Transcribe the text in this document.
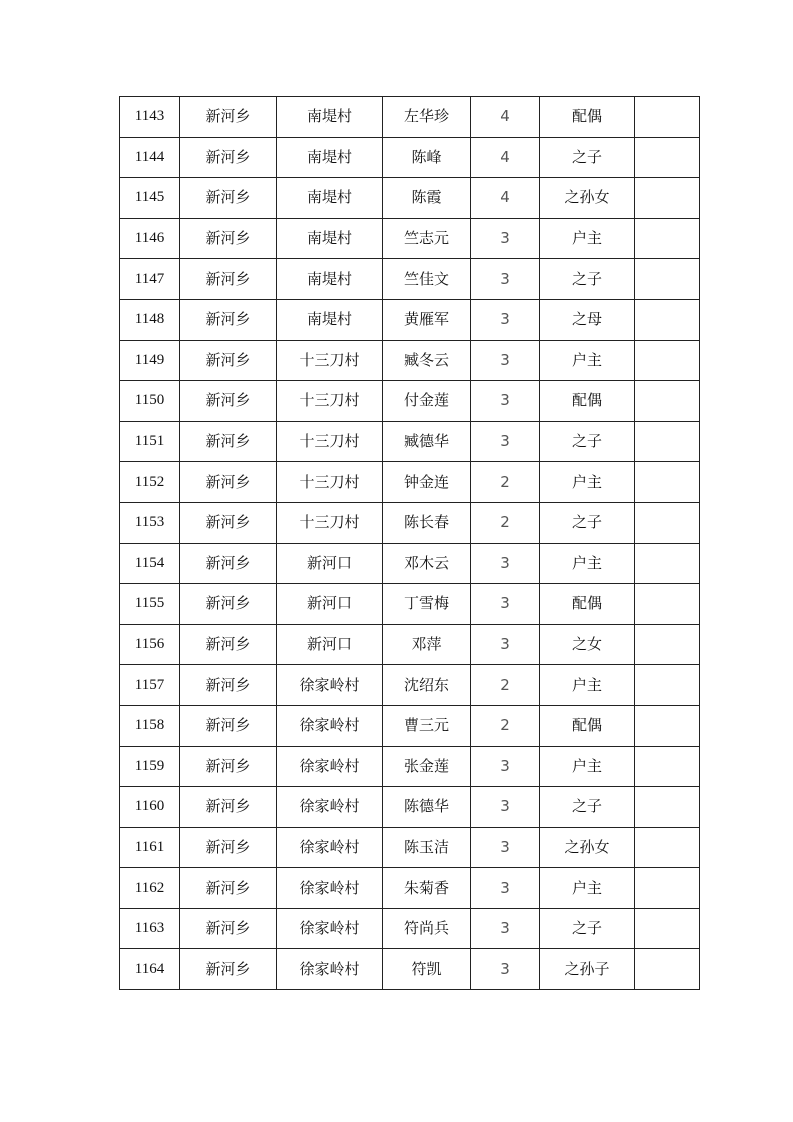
1143	新河乡	南堤村	左华珍	4	配偶	
1144	新河乡	南堤村	陈峰	4	之子	
1145	新河乡	南堤村	陈霞	4	之孙女	
1146	新河乡	南堤村	竺志元	3	户主	
1147	新河乡	南堤村	竺佳文	3	之子	
1148	新河乡	南堤村	黄雁军	3	之母	
1149	新河乡	十三刀村	臧冬云	3	户主	
1150	新河乡	十三刀村	付金莲	3	配偶	
1151	新河乡	十三刀村	臧德华	3	之子	
1152	新河乡	十三刀村	钟金连	2	户主	
1153	新河乡	十三刀村	陈长春	2	之子	
1154	新河乡	新河口	邓木云	3	户主	
1155	新河乡	新河口	丁雪梅	3	配偶	
1156	新河乡	新河口	邓萍	3	之女	
1157	新河乡	徐家岭村	沈绍东	2	户主	
1158	新河乡	徐家岭村	曹三元	2	配偶	
1159	新河乡	徐家岭村	张金莲	3	户主	
1160	新河乡	徐家岭村	陈德华	3	之子	
1161	新河乡	徐家岭村	陈玉洁	3	之孙女	
1162	新河乡	徐家岭村	朱菊香	3	户主	
1163	新河乡	徐家岭村	符尚兵	3	之子	
1164	新河乡	徐家岭村	符凯	3	之孙子	
